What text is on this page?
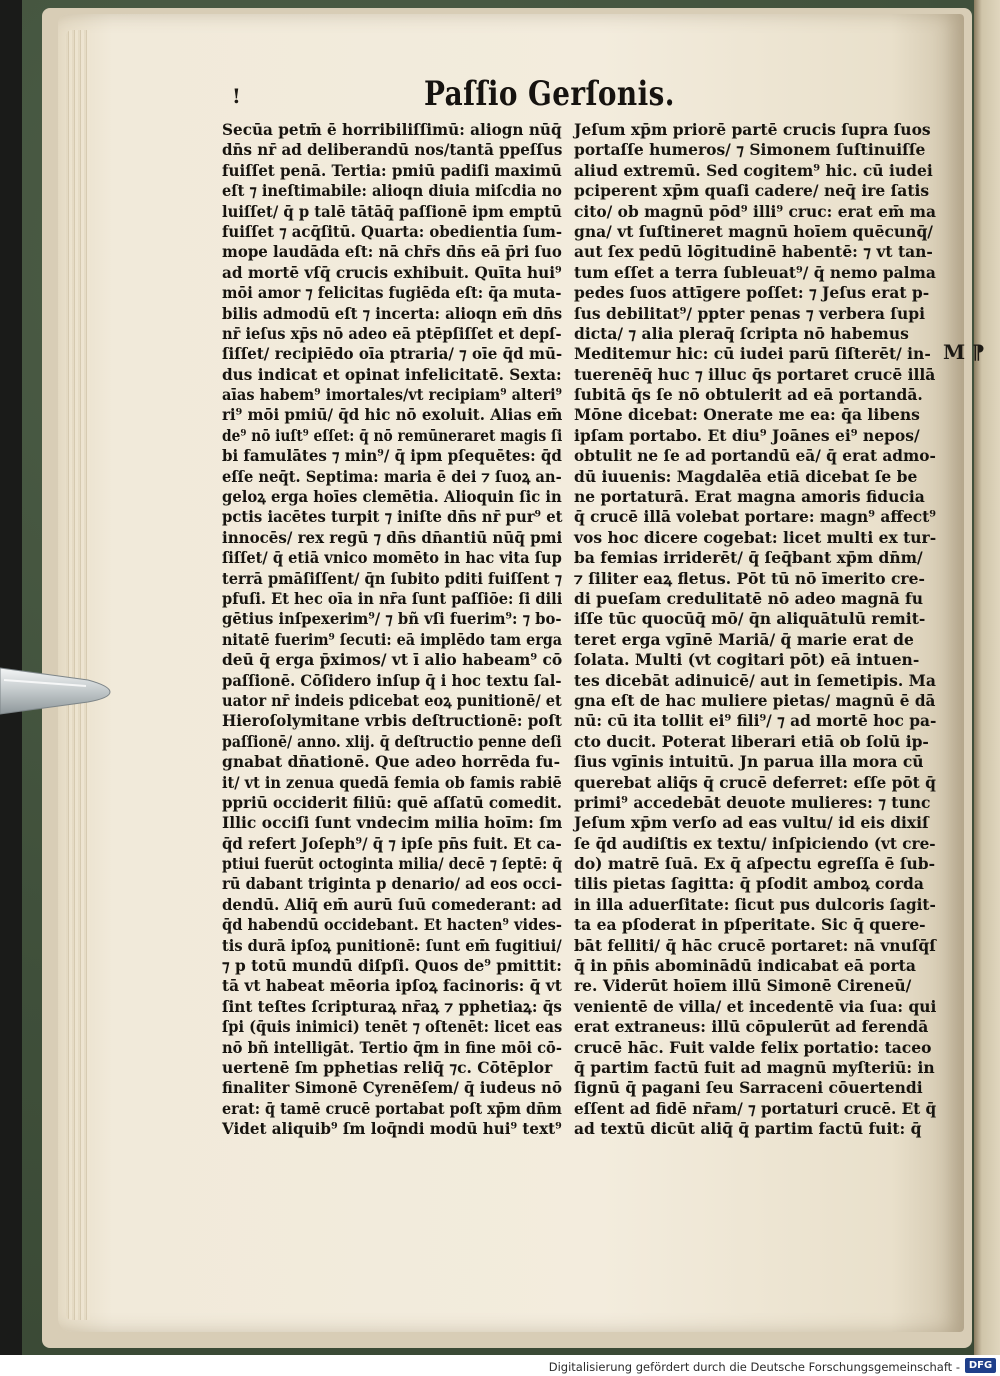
⁋
!	Paſſio Gerſonis.
Secūa petm̄ ē horribiliſſimū: aliogn nūq̄
dn̄s nr̄ ad deliberandū nos/tantā ppeſſus
fuiſſet penā. Tertia: pmiū padiſi maximū
eſt ⁊ ineſtimabile: alioqn diuia miſcdia no
luiſſet/ q̄ p talē tātāq̄ paſſionē ipm emptū
fuiſſet ⁊ acq̄ſitū. Quarta: obedientia ſum-
mope laudāda eſt: nā chr̄s dn̄s eā p̄ri ſuo
ad mortē vſq̄ crucis exhibuit. Quīta hui⁹
mōi amor ⁊ felicitas fugiēda eſt: q̄a muta-
bilis admodū eſt ⁊ incerta: alioqn em̄ dn̄s
nr̄ ieſus xp̄s nō adeo eā ptēpſiſſet et depſ-
ſiſſet/ recipiēdo oīa ptraria/ ⁊ oīe q̄d mū-
dus indicat et opinat infelicitatē. Sexta:
aīas habem⁹ imortales/vt recipiam⁹ alteri⁹
ri⁹ mōi pmiū/ q̄d hic nō exoluit. Alias em̄
de⁹ nō iuſt⁹ eſſet: q̄ nō remūneraret magis ſi
bi famulātes ⁊ min⁹/ q̄ ipm pſequētes: q̄d
eſſe neq̄t. Septima: maria ē dei ⁊ ſuoꝝ an-
geloꝝ erga hoīes clemētia. Alioquin ſic in
pctis iacētes turpit ⁊ iniſte dn̄s nr̄ pur⁹ et
innocēs/ rex regū ⁊ dn̄s dn̄antiū nūq̄ pmi
ſiſſet/ q̄ etiā vnico momēto in hac vita ſup
terrā pmāſiſſent/ q̄n ſubito pditi fuiſſent ⁊
pfuſi. Et hec oīa in nr̄a ſunt paſſiōe: ſi dili
gētius inſpexerim⁹/ ⁊ bñ vſi fuerim⁹: ⁊ bo-
nitatē fuerim⁹ ſecuti: eā implēdo tam erga
deū q̄ erga p̄ximos/ vt ī alio habeam⁹ cō
paſſionē. Cōſidero inſup q̄ i hoc textu ſal-
uator nr̄ indeis pdicebat eoꝝ punitionē/ et
Hieroſolymitane vrbis deſtructionē: poſt
paſſionē/ anno. xlij. q̄ deſtructio penne deſi
gnabat dn̄ationē. Que adeo horrēda fu-
it/ vt in zenua quedā femia ob famis rabiē
ppriū occiderit filiū: quē aſſatū comedit.
Illic occiſi ſunt vndecim milia hoīm: ſm
q̄d refert Joſeph⁹/ q̄ ⁊ ipſe pn̄s fuit. Et ca-
ptiui fuerūt octoginta milia/ decē ⁊ ſeptē: q̄
rū dabant triginta p denario/ ad eos occi-
dendū. Aliq̄ em̄ aurū ſuū comederant: ad
q̄d habendū occidebant. Et hacten⁹ vides-
tis durā ipſoꝝ punitionē: ſunt em̄ fugitiui/
⁊ p totū mundū diſpſi. Quos de⁹ pmittit:
tā vt habeat mēoria ipſoꝝ facinoris: q̄ vt
ſint teſtes ſcripturaꝝ nr̄aꝝ ⁊ pphetiaꝝ: q̄s
ſpi (q̄uis inimici) tenēt ⁊ oſtenēt: licet eas
nō bñ intelligāt. Tertio q̄m in fine mōi cō-
uertenē ſm pphetias reliq̄ ⁊c. Cōtēplor
finaliter Simonē Cyrenēſem/ q̄ iudeus nō
erat: q̄ tamē crucē portabat poſt xp̄m dn̄m
Videt aliquib⁹ ſm loq̄ndi modū hui⁹ text⁹
Jeſum xp̄m priorē partē crucis ſupra ſuos
portaſſe humeros/ ⁊ Simonem ſuſtinuiſſe
aliud extremū. Sed cogitem⁹ hic. cū iudei
pciperent xp̄m quaſi cadere/ neq̄ ire ſatis
cito/ ob magnū pōd⁹ illi⁹ cruc: erat em̄ ma
gna/ vt ſuſtineret magnū hoīem quēcunq̄/
aut ſex pedū lōgitudinē habentē: ⁊ vt tan-
tum eſſet a terra ſubleuat⁹/ q̄ nemo palma
pedes ſuos attīgere poſſet: ⁊ Jeſus erat p-
ſus debilitat⁹/ ppter penas ⁊ verbera ſupi
dicta/ ⁊ alia pleraq̄ ſcripta nō habemus
Meditemur hic: cū iudei parū ſiſterēt/ in-
tuerenēq̄ huc ⁊ illuc q̄s portaret crucē illā
ſubitā q̄s ſe nō obtulerit ad eā portandā.
Mōne dicebat: Onerate me ea: q̄a libens
ipſam portabo. Et diu⁹ Joānes ei⁹ nepos/
obtulit ne ſe ad portandū eā/ q̄ erat admo-
dū iuuenis: Magdalēa etiā dicebat ſe be
ne portaturā. Erat magna amoris fiducia
q̄ crucē illā volebat portare: magn⁹ affect⁹
vos hoc dicere cogebat: licet multi ex tur-
ba femias irriderēt/ q̄ ſeq̄bant xp̄m dn̄m/
⁊ ſiliter eaꝝ fletus. Pōt tū nō īmerito cre-
di pueſam credulitatē nō adeo magnā fu
iſſe tūc quocūq̄ mō/ q̄n aliquātulū remit-
teret erga vgīnē Mariā/ q̄ marie erat de
ſolata. Multi (vt cogitari pōt) eā intuen-
tes dicebāt adinuicē/ aut in ſemetipis. Ma
gna eſt de hac muliere pietas/ magnū ē dā
nū: cū ita tollit ei⁹ fili⁹/ ⁊ ad mortē hoc pa-
cto ducit. Poterat liberari etiā ob ſolū ip-
ſius vgīnis intuitū. Jn parua illa mora cū
querebat aliq̄s q̄ crucē deferret: eſſe pōt q̄
primi⁹ accedebāt deuote mulieres: ⁊ tunc
Jeſum xp̄m verſo ad eas vultu/ id eis dixiſ
ſe q̄d audiſtis ex textu/ inſpiciendo (vt cre-
do) matrē ſuā. Ex q̄ aſpectu egreſſa ē ſub-
tilis pietas ſagitta: q̄ pſodit amboꝝ corda
in illa aduerſitate: ſicut pus dulcoris ſagit-
ta ea pſoderat in pſperitate. Sic q̄ quere-
bāt felliti/ q̄ hāc crucē portaret: nā vnuſq̄ſ
q̄ in pn̄is abominādū indicabat eā porta
re. Viderūt hoīem illū Simonē Cireneū/
venientē de villa/ et incedentē via ſua: qui
erat extraneus: illū cōpulerūt ad ferendā
crucē hāc. Fuit valde felix portatio: taceo
q̄ partim factū fuit ad magnū myſteriū: in
ſignū q̄ pagani ſeu Sarraceni cōuertendi
eſſent ad fidē nr̄am/ ⁊ portaturi crucē. Et q̄
ad textū dicūt aliq̄ q̄ partim factū fuit: q̄
M
Digitalisierung gefördert durch die Deutsche Forschungsgemeinschaft - DFG
